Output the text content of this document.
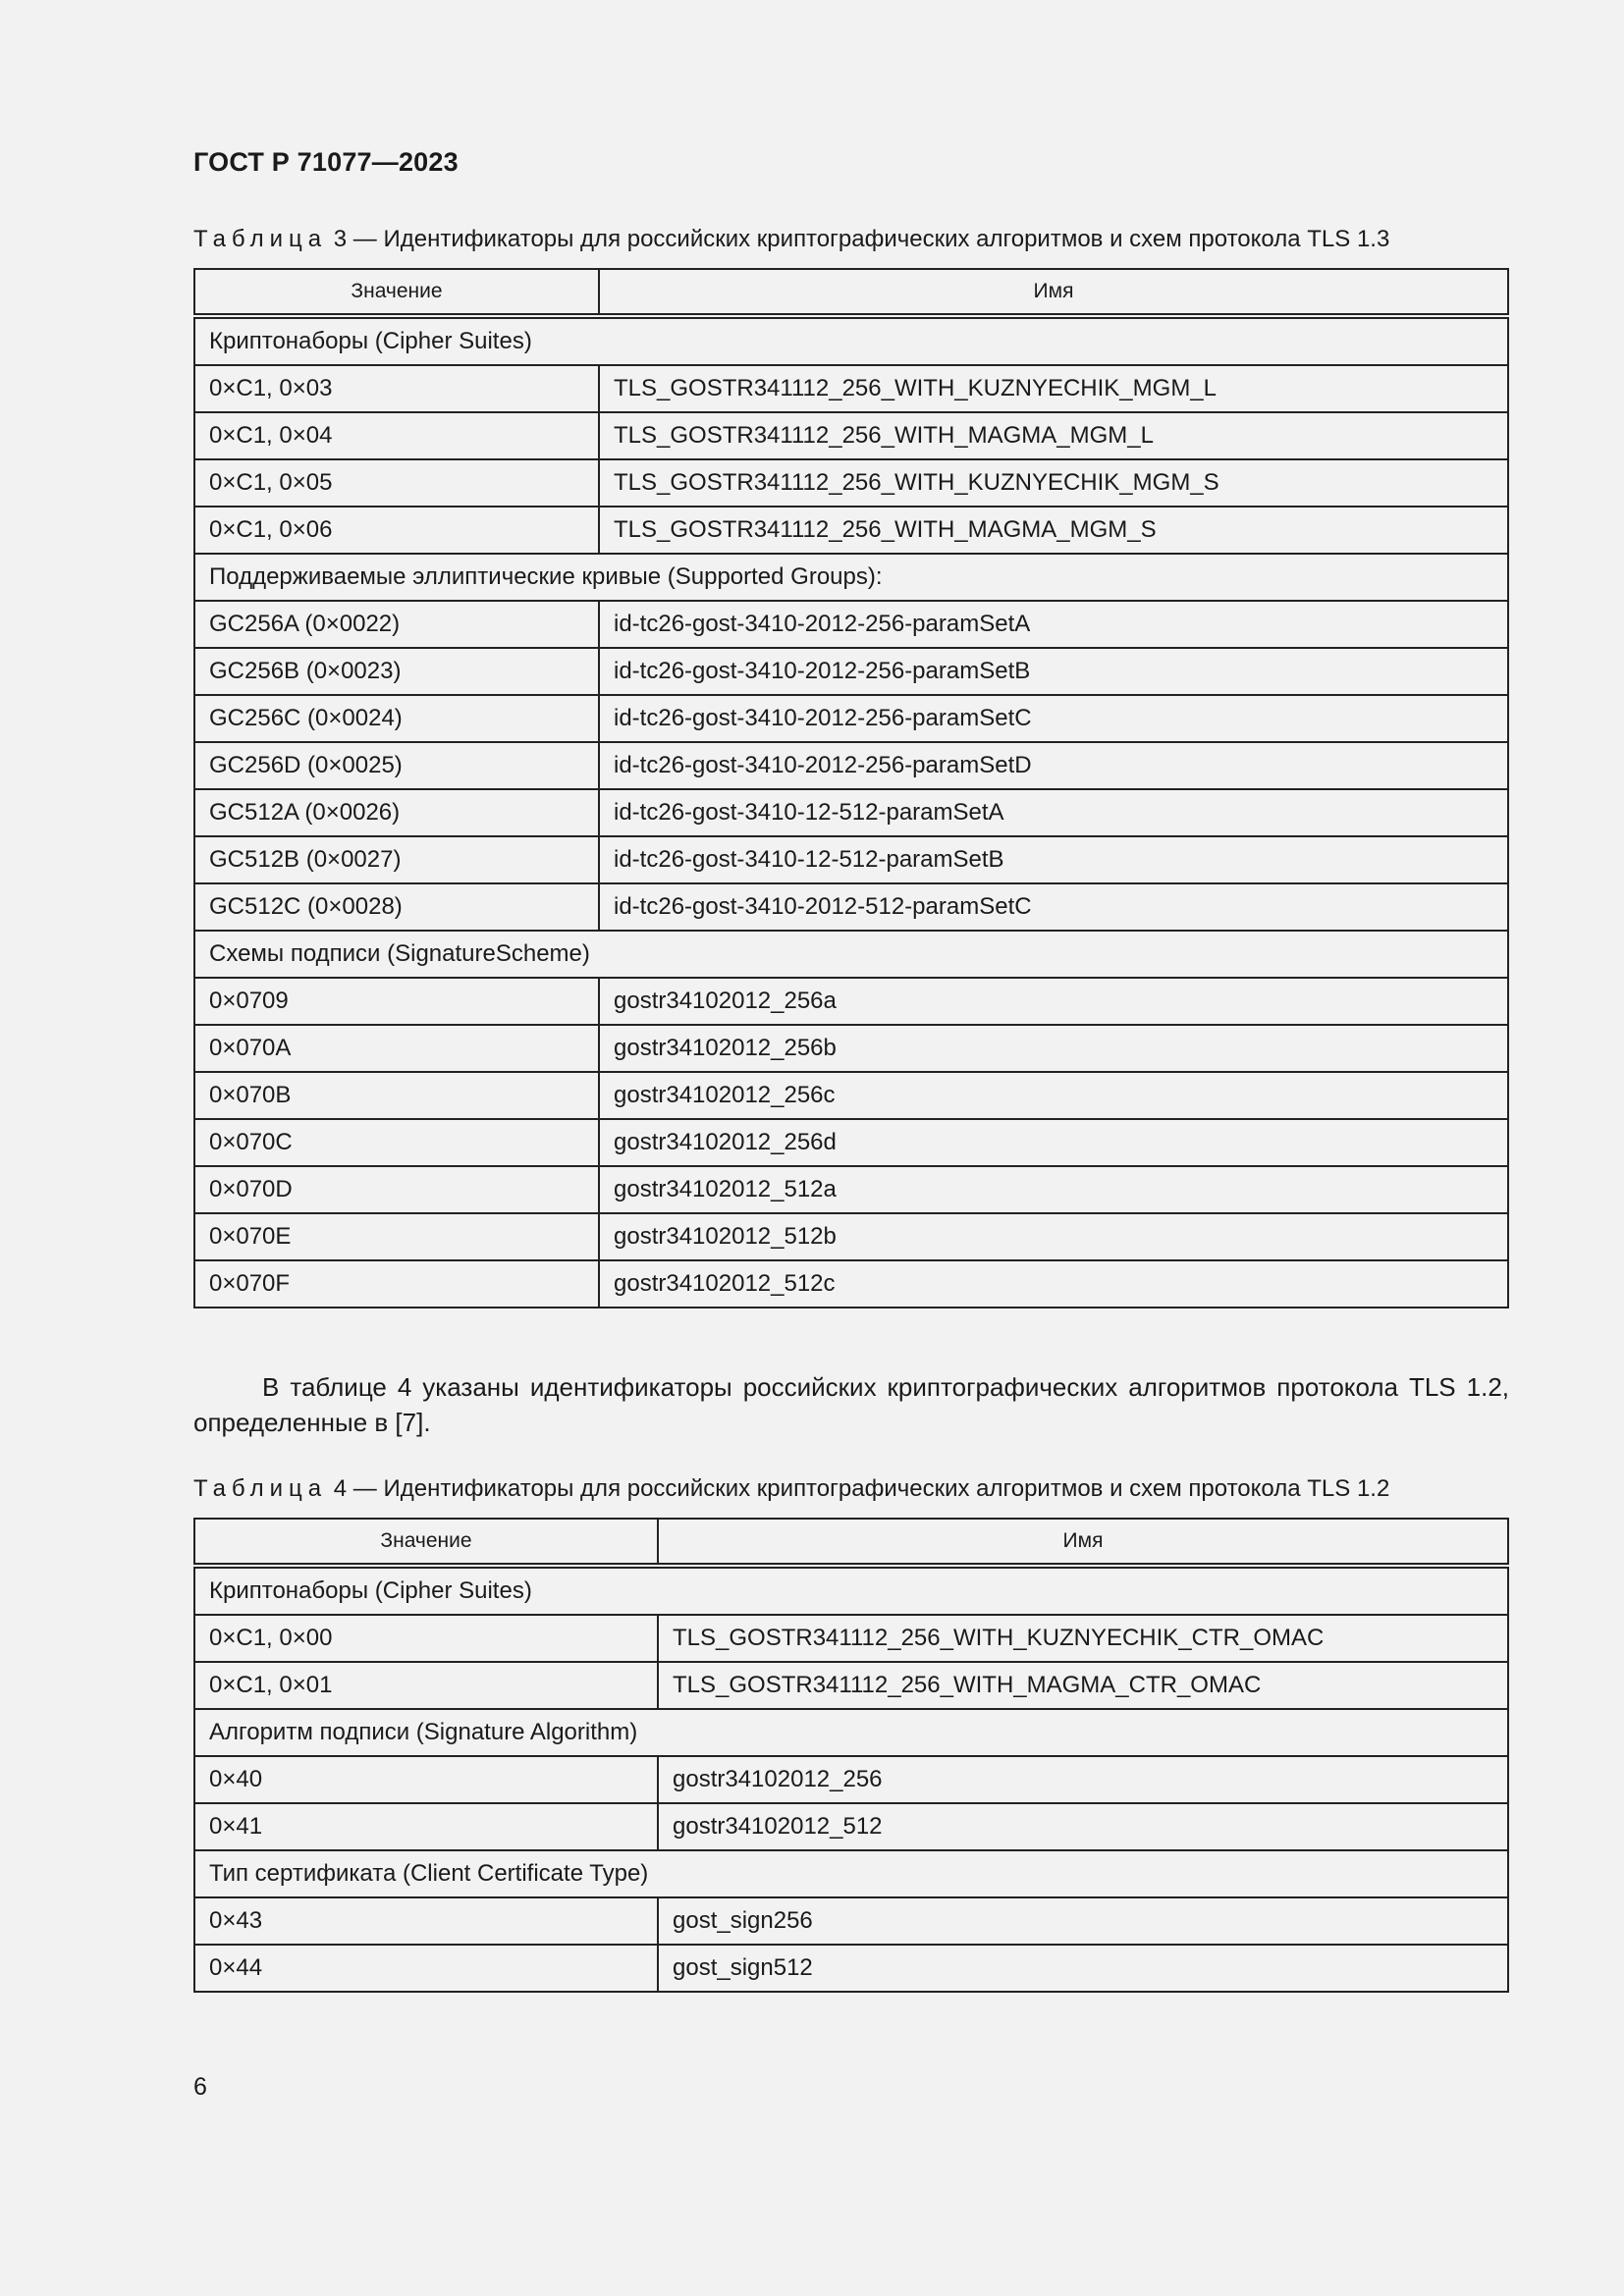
ГОСТ Р 71077—2023
Таблица 3 — Идентификаторы для российских криптографических алгоритмов и схем протокола TLS 1.3
Значение	Имя
Криптонаборы (Cipher Suites)	
0×C1, 0×03	TLS_GOSTR341112_256_WITH_KUZNYECHIK_MGM_L
0×C1, 0×04	TLS_GOSTR341112_256_WITH_MAGMA_MGM_L
0×C1, 0×05	TLS_GOSTR341112_256_WITH_KUZNYECHIK_MGM_S
0×C1, 0×06	TLS_GOSTR341112_256_WITH_MAGMA_MGM_S
Поддерживаемые эллиптические кривые (Supported Groups):	
GC256A (0×0022)	id-tc26-gost-3410-2012-256-paramSetA
GC256B (0×0023)	id-tc26-gost-3410-2012-256-paramSetB
GC256C (0×0024)	id-tc26-gost-3410-2012-256-paramSetC
GC256D (0×0025)	id-tc26-gost-3410-2012-256-paramSetD
GC512A (0×0026)	id-tc26-gost-3410-12-512-paramSetA
GC512B (0×0027)	id-tc26-gost-3410-12-512-paramSetB
GC512C (0×0028)	id-tc26-gost-3410-2012-512-paramSetC
Схемы подписи (SignatureScheme)	
0×0709	gostr34102012_256a
0×070A	gostr34102012_256b
0×070B	gostr34102012_256c
0×070C	gostr34102012_256d
0×070D	gostr34102012_512a
0×070E	gostr34102012_512b
0×070F	gostr34102012_512c
В таблице 4 указаны идентификаторы российских криптографических алгоритмов протокола TLS 1.2, определенные в [7].
Таблица 4 — Идентификаторы для российских криптографических алгоритмов и схем протокола TLS 1.2
Значение	Имя
Криптонаборы (Cipher Suites)	
0×C1, 0×00	TLS_GOSTR341112_256_WITH_KUZNYECHIK_CTR_OMAC
0×C1, 0×01	TLS_GOSTR341112_256_WITH_MAGMA_CTR_OMAC
Алгоритм подписи (Signature Algorithm)	
0×40	gostr34102012_256
0×41	gostr34102012_512
Тип сертификата (Client Certificate Type)	
0×43	gost_sign256
0×44	gost_sign512
6
